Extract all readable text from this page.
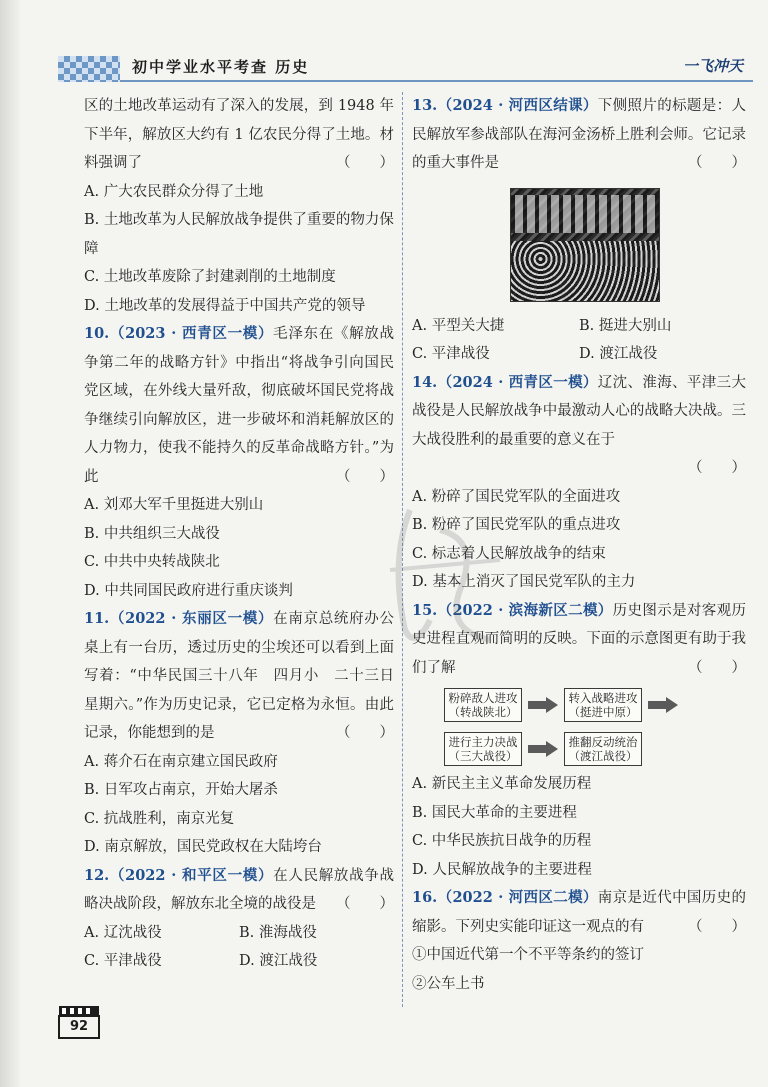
初中学业水平考查 历史	一飞冲天

区的土地改革运动有了深入的发展，到 1948 年下半年，解放区大约有 1 亿农民分得了土地。材料强调了	（　　）

A. 广大农民群众分得了土地

B. 土地改革为人民解放战争提供了重要的物力保障

C. 土地改革废除了封建剥削的土地制度

D. 土地改革的发展得益于中国共产党的领导

10.（2023 · 西青区一模）毛泽东在《解放战争第二年的战略方针》中指出“将战争引向国民党区域，在外线大量歼敌，彻底破坏国民党将战争继续引向解放区，进一步破坏和消耗解放区的人力物力，使我不能持久的反革命战略方针。”为此	（　　）

A. 刘邓大军千里挺进大别山

B. 中共组织三大战役

C. 中共中央转战陕北

D. 中共同国民政府进行重庆谈判

11.（2022 · 东丽区一模）在南京总统府办公桌上有一台历，透过历史的尘埃还可以看到上面写着：“中华民国三十八年　四月小　二十三日　星期六。”作为历史记录，它已定格为永恒。由此记录，你能想到的是	（　　）

A. 蒋介石在南京建立国民政府

B. 日军攻占南京，开始大屠杀

C. 抗战胜利，南京光复

D. 南京解放，国民党政权在大陆垮台

12.（2022 · 和平区一模）在人民解放战争战略决战阶段，解放东北全境的战役是 （　　）

A. 辽沈战役	B. 淮海战役
C. 平津战役	D. 渡江战役

13.（2024 · 河西区结课）下侧照片的标题是：人民解放军参战部队在海河金汤桥上胜利会师。它记录的重大事件是	（　　）

A. 平型关大捷	B. 挺进大别山
C. 平津战役	D. 渡江战役

14.（2024 · 西青区一模）辽沈、淮海、平津三大战役是人民解放战争中最激动人心的战略大决战。三大战役胜利的最重要的意义在于

（　　）

A. 粉碎了国民党军队的全面进攻

B. 粉碎了国民党军队的重点进攻

C. 标志着人民解放战争的结束

D. 基本上消灭了国民党军队的主力

15.（2022 · 滨海新区二模）历史图示是对客观历史进程直观而简明的反映。下面的示意图更有助于我们了解	（　　）

粉碎敌人进攻
（转战陕北）
转入战略进攻
（挺进中原）
进行主力决战
（三大战役）
推翻反动统治
（渡江战役）

A. 新民主主义革命发展历程

B. 国民大革命的主要进程

C. 中华民族抗日战争的历程

D. 人民解放战争的主要进程

16.（2022 · 河西区二模）南京是近代中国历史的缩影。下列史实能印证这一观点的有	（　　）

①中国近代第一个不平等条约的签订

②公车上书

92
